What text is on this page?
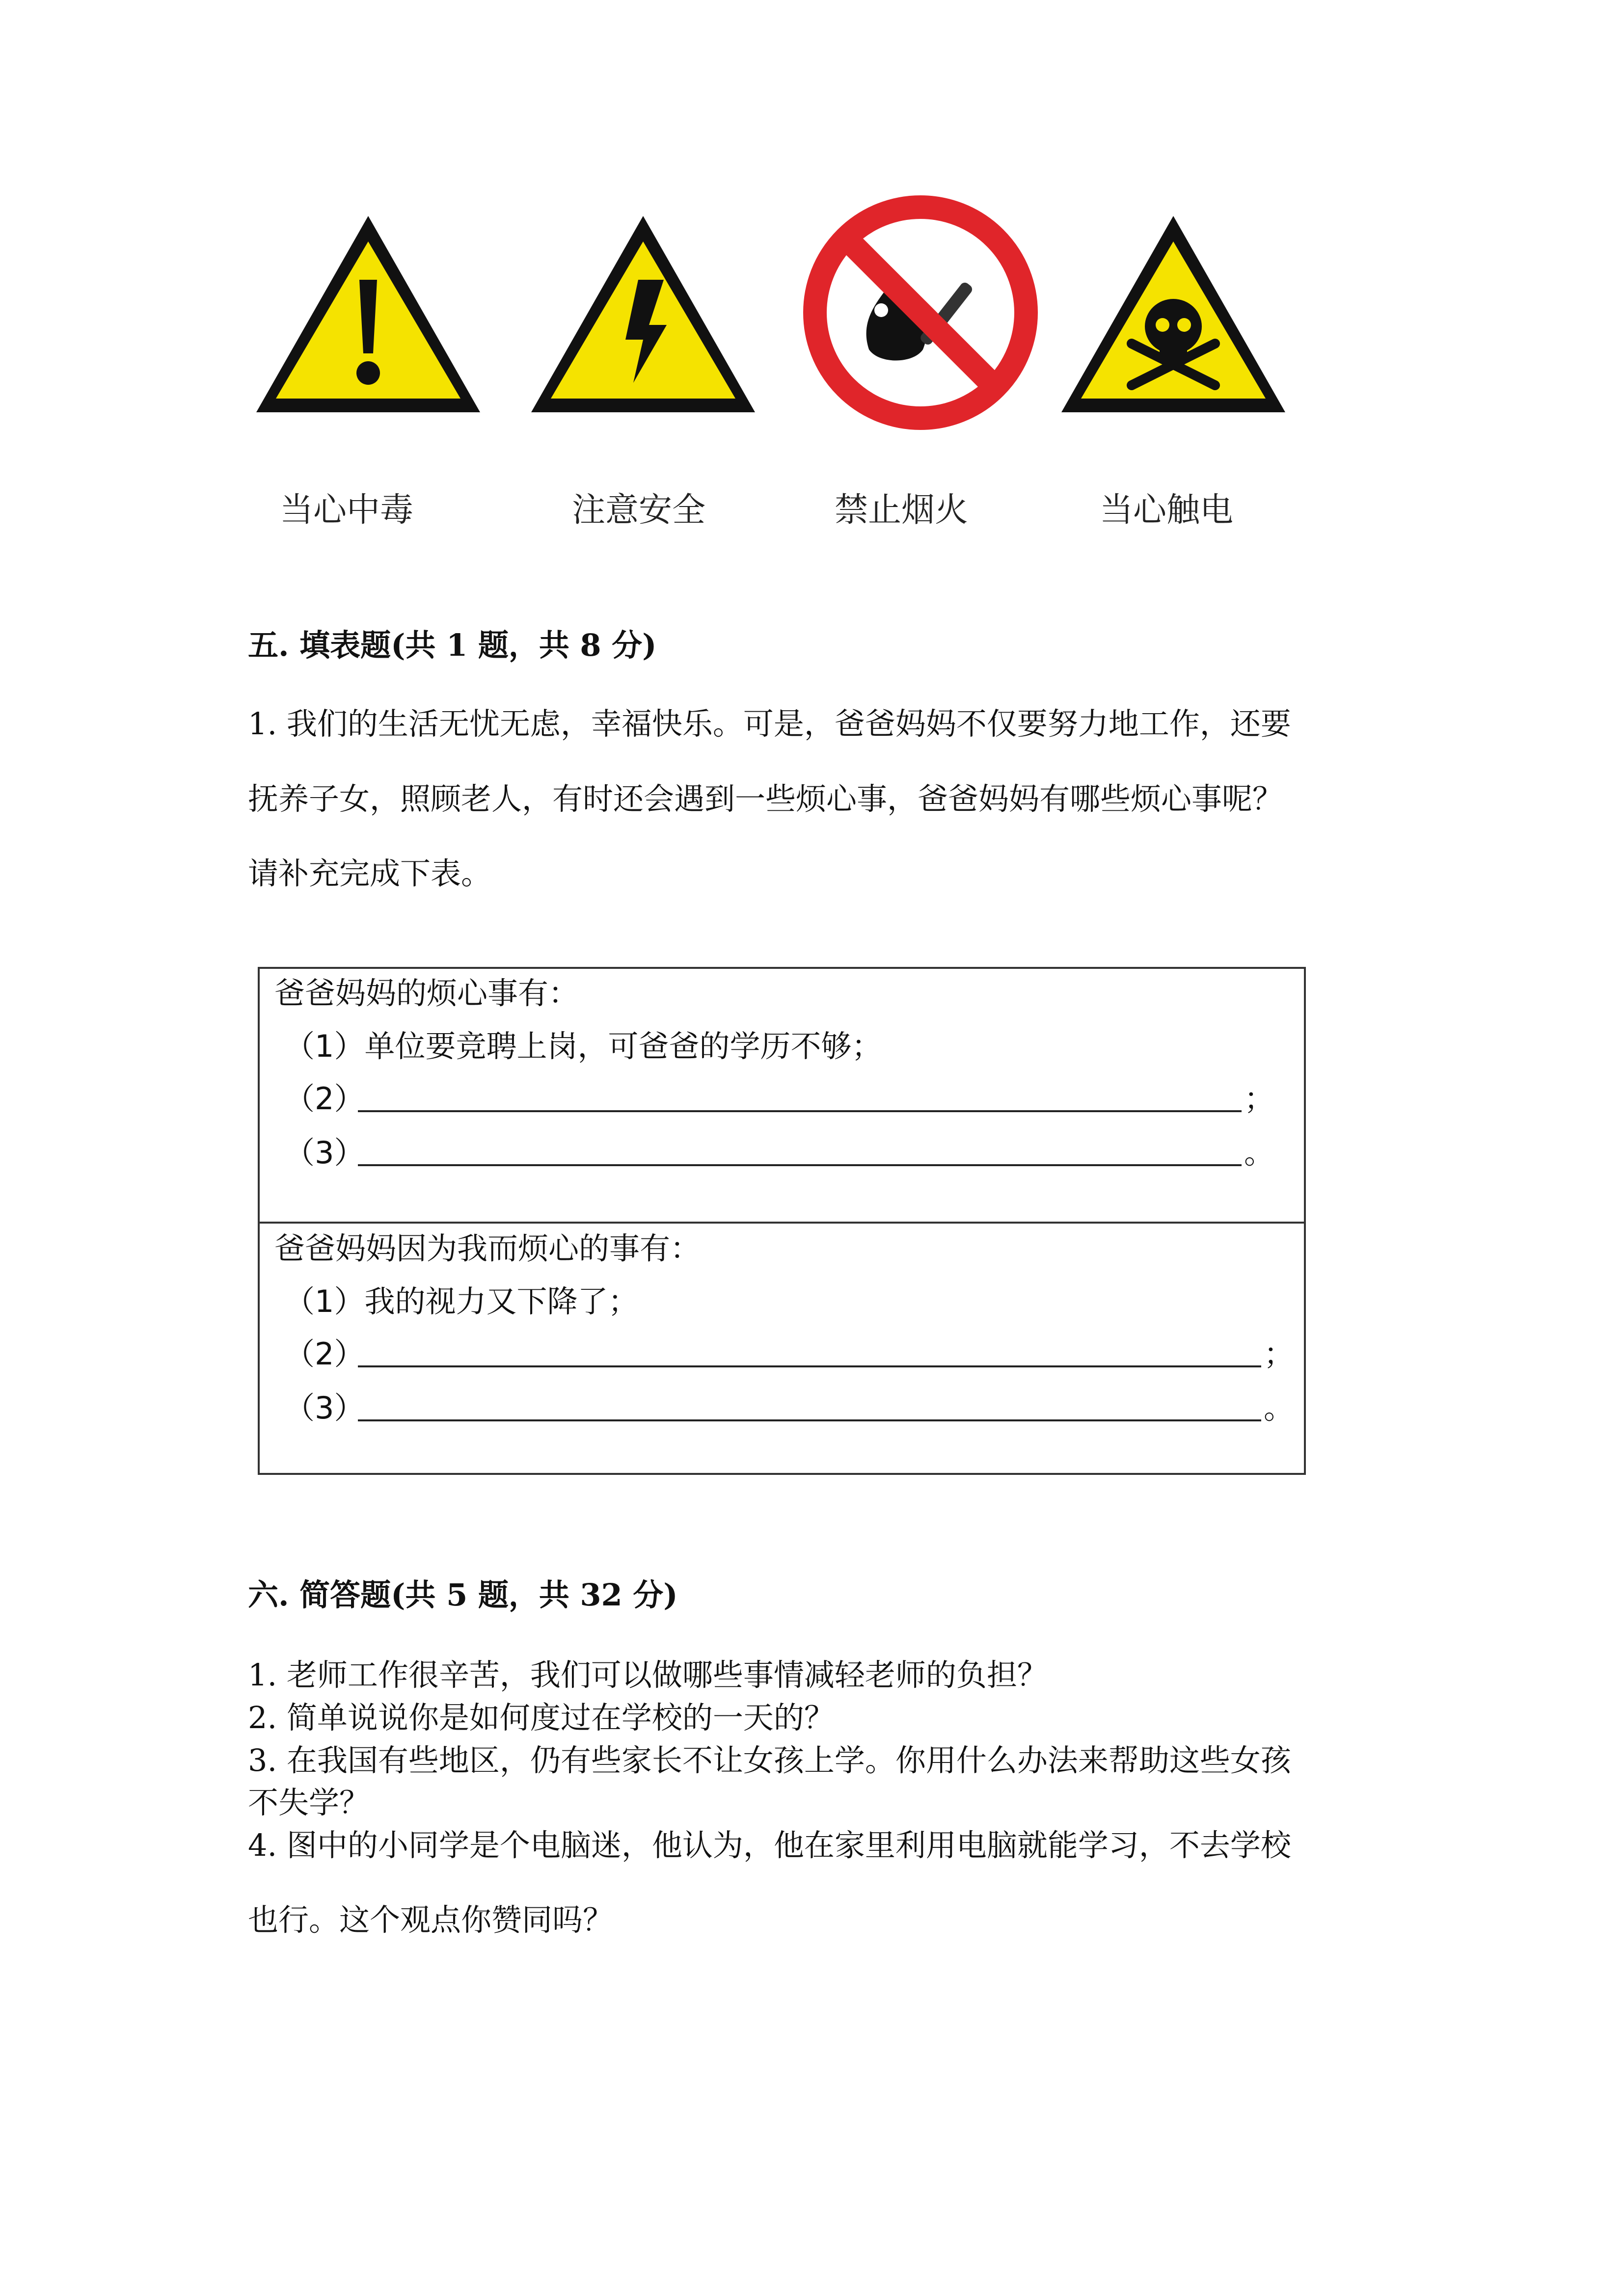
当心中毒	注意安全	禁止烟火	当心触电
五. 填表题(共 1 题，共 8 分)
1. 我们的生活无忧无虑，幸福快乐。可是，爸爸妈妈不仅要努力地工作，还要
抚养子女，照顾老人，有时还会遇到一些烦心事，爸爸妈妈有哪些烦心事呢？
请补充完成下表。
爸爸妈妈的烦心事有：
（1）单位要竞聘上岗，可爸爸的学历不够；
（2）	；
（3）	。
爸爸妈妈因为我而烦心的事有：
（1）我的视力又下降了；
（2）	；
（3）	。
六. 简答题(共 5 题，共 32 分)
1. 老师工作很辛苦，我们可以做哪些事情减轻老师的负担？
2. 简单说说你是如何度过在学校的一天的？
3. 在我国有些地区，仍有些家长不让女孩上学。你用什么办法来帮助这些女孩
不失学？
4. 图中的小同学是个电脑迷，他认为，他在家里利用电脑就能学习，不去学校
也行。这个观点你赞同吗？
